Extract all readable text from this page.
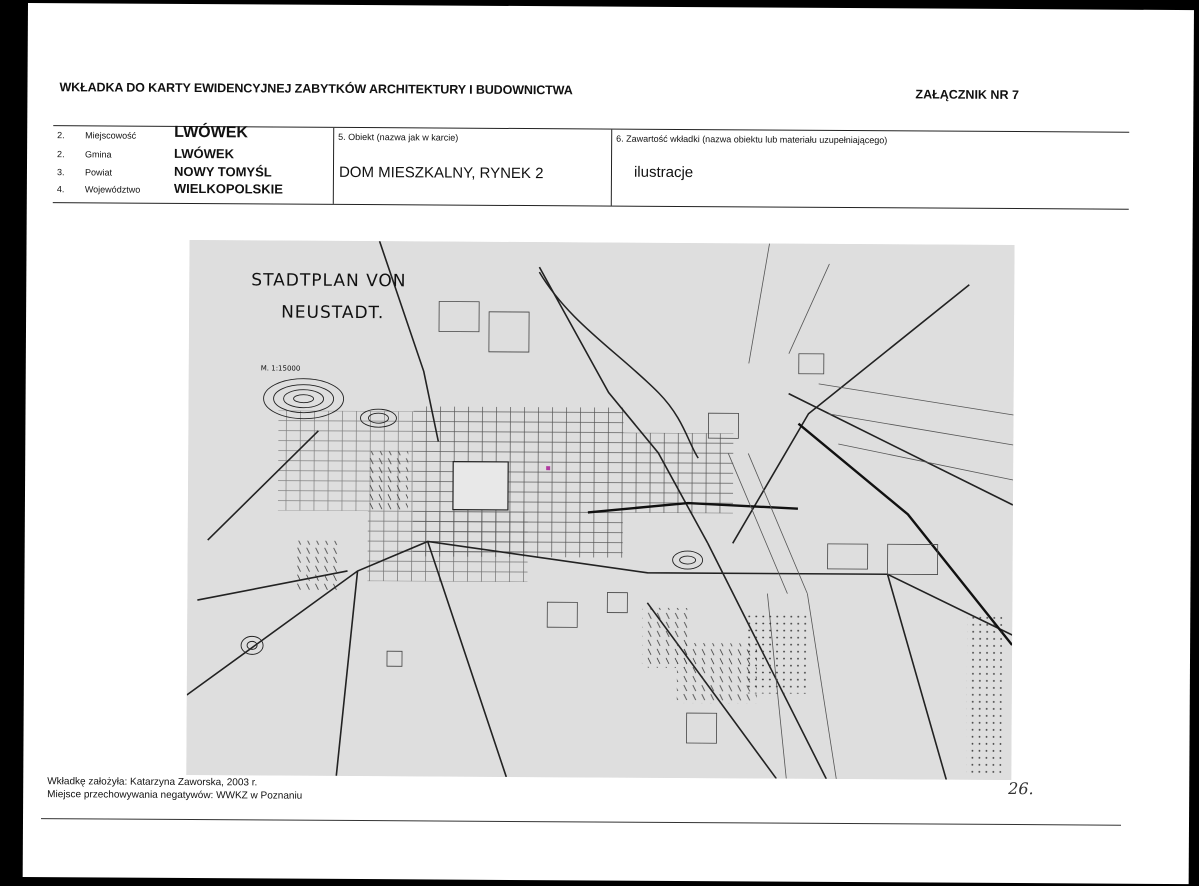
WKŁADKA DO KARTY EWIDENCYJNEJ ZABYTKÓW ARCHITEKTURY I BUDOWNICTWA	ZAŁĄCZNIK NR 7
2. Miejscowość LWÓWEK
2. Gmina	LWÓWEK
3. Powiat	NOWY TOMYŚL
4. Województwo	WIELKOPOLSKIE
5. Obiekt (nazwa jak w karcie)
DOM MIESZKALNY, RYNEK 2
6. Zawartość wkładki (nazwa obiektu lub materiału uzupełniającego)
ilustracje
STADTPLAN VON
NEUSTADT.
M. 1:15000
Wkładkę założyła: Katarzyna Zaworska, 2003 r.
Miejsce przechowywania negatywów: WWKZ w Poznaniu	26.
